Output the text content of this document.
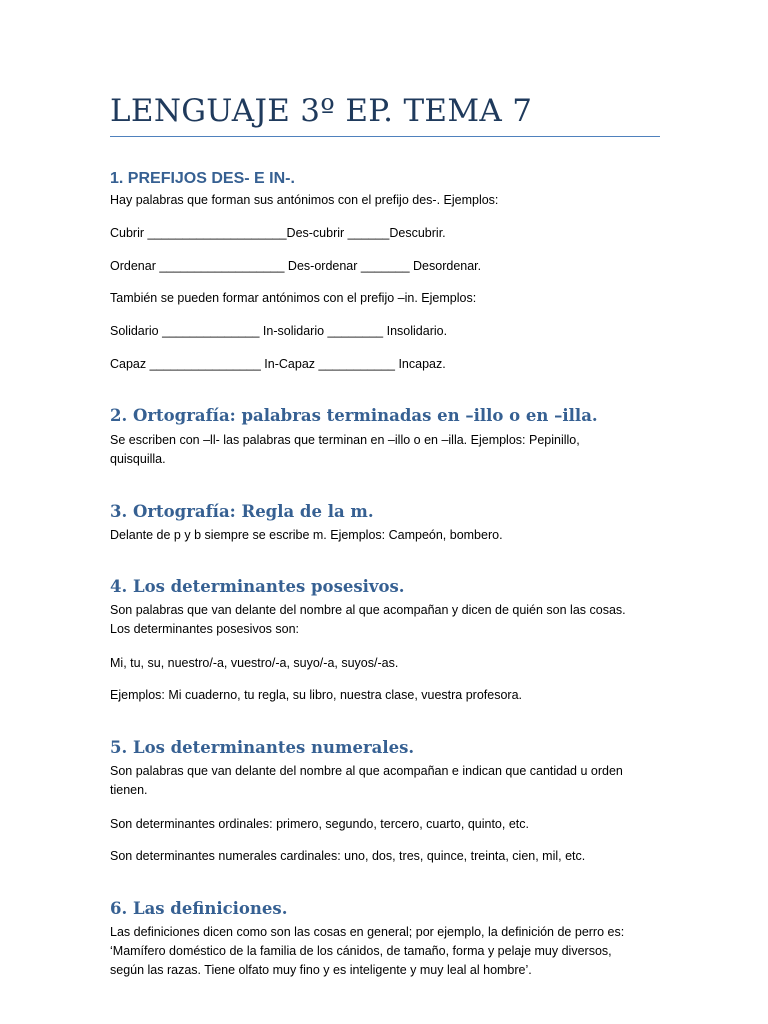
LENGUAJE 3º EP. TEMA 7
1. PREFIJOS DES- E IN-.
Hay palabras que forman sus antónimos con el prefijo des-. Ejemplos:
Cubrir ____________________Des-cubrir ______Descubrir.
Ordenar __________________ Des-ordenar _______ Desordenar.
También se pueden formar antónimos con el prefijo –in. Ejemplos:
Solidario ______________ In-solidario ________ Insolidario.
Capaz ________________ In-Capaz ___________ Incapaz.
2. Ortografía: palabras terminadas en –illo o en –illa.
Se escriben con –ll- las palabras que terminan en –illo o en –illa. Ejemplos: Pepinillo, quisquilla.
3. Ortografía: Regla de la m.
Delante de p y b siempre se escribe m. Ejemplos: Campeón, bombero.
4. Los determinantes posesivos.
Son palabras que van delante del nombre al que acompañan y dicen de quién son las cosas. Los determinantes posesivos son:
Mi, tu, su, nuestro/-a, vuestro/-a, suyo/-a, suyos/-as.
Ejemplos: Mi cuaderno, tu regla, su libro, nuestra clase, vuestra profesora.
5. Los determinantes numerales.
Son palabras que van delante del nombre al que acompañan e indican que cantidad u orden tienen.
Son determinantes ordinales: primero, segundo, tercero, cuarto, quinto, etc.
Son determinantes numerales cardinales: uno, dos, tres, quince, treinta, cien, mil, etc.
6. Las definiciones.
Las definiciones dicen como son las cosas en general; por ejemplo, la definición de perro es: ‘Mamífero doméstico de la familia de los cánidos, de tamaño, forma y pelaje muy diversos, según las razas. Tiene olfato muy fino y es inteligente y muy leal al hombre’.
